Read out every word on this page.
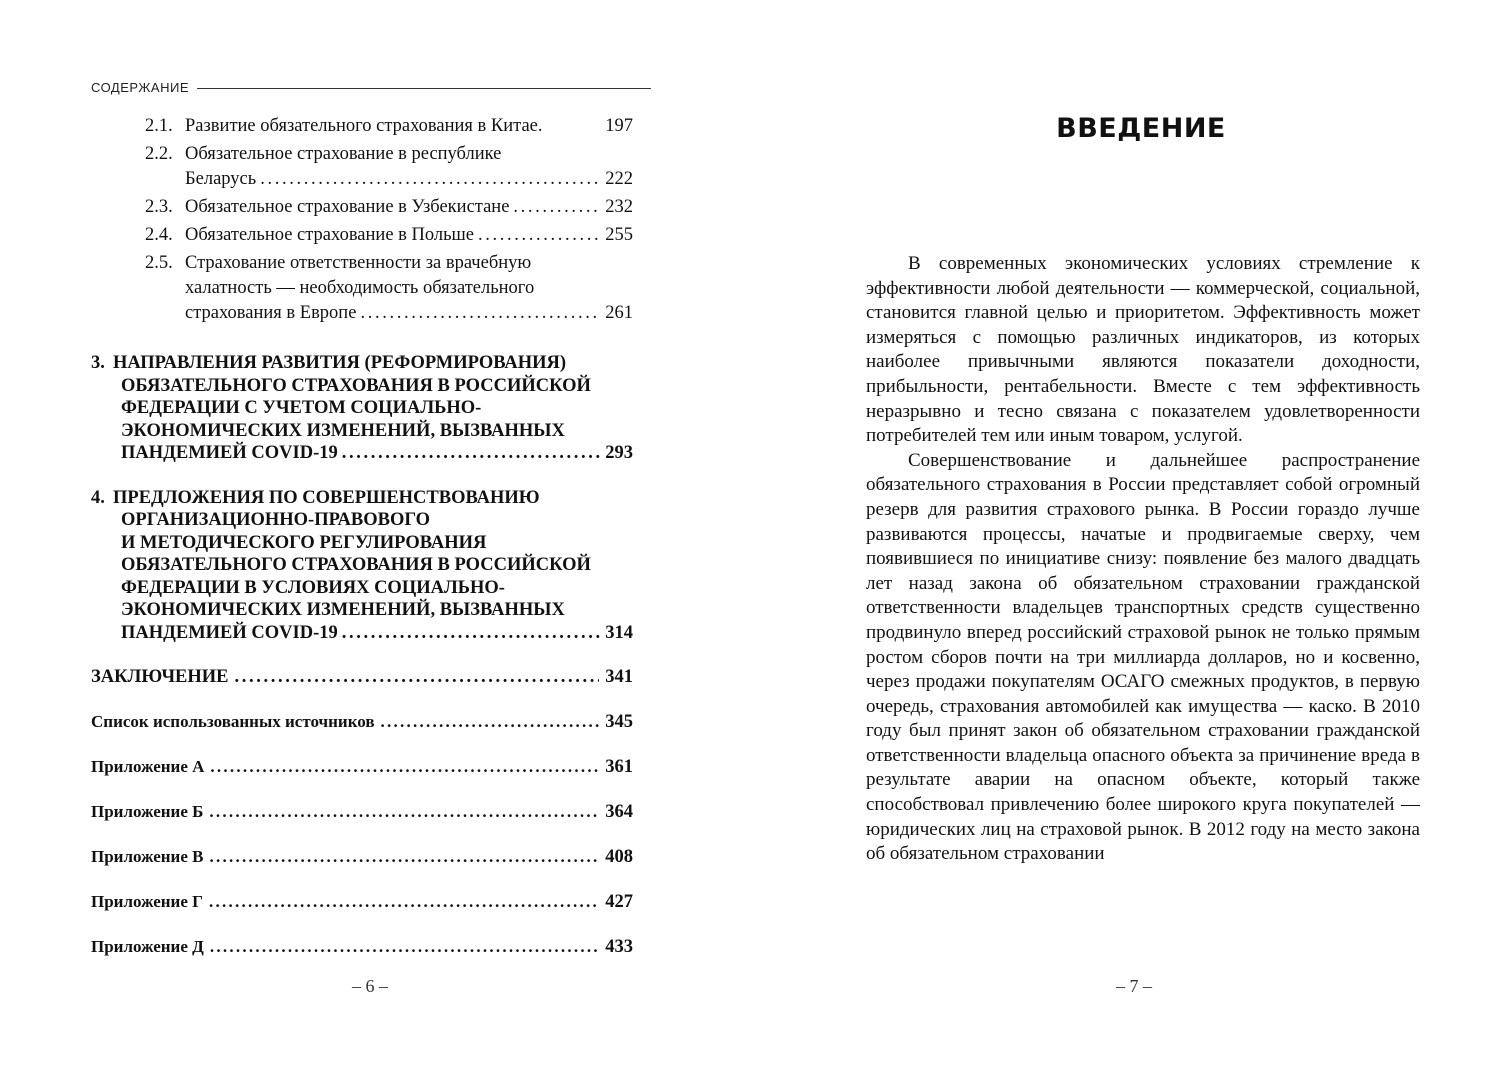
СОДЕРЖАНИЕ
2.1. Развитие обязательного страхования в Китае.	197
2.2. Обязательное страхование в республике
Беларусь . . .	222
2.3. Обязательное страхование в Узбекистане . . .	232
2.4. Обязательное страхование в Польше . . .	255
2.5. Страхование ответственности за врачебную
халатность — необходимость обязательного
страхования в Европе . . .	261
3. НАПРАВЛЕНИЯ РАЗВИТИЯ (РЕФОРМИРОВАНИЯ)
ОБЯЗАТЕЛЬНОГО СТРАХОВАНИЯ В РОССИЙСКОЙ
ФЕДЕРАЦИИ С УЧЕТОМ СОЦИАЛЬНО-
ЭКОНОМИЧЕСКИХ ИЗМЕНЕНИЙ, ВЫЗВАННЫХ
ПАНДЕМИЕЙ COVID-19 . . .	293
4. ПРЕДЛОЖЕНИЯ ПО СОВЕРШЕНСТВОВАНИЮ
ОРГАНИЗАЦИОННО-ПРАВОВОГО
И МЕТОДИЧЕСКОГО РЕГУЛИРОВАНИЯ
ОБЯЗАТЕЛЬНОГО СТРАХОВАНИЯ В РОССИЙСКОЙ
ФЕДЕРАЦИИ В УСЛОВИЯХ СОЦИАЛЬНО-
ЭКОНОМИЧЕСКИХ ИЗМЕНЕНИЙ, ВЫЗВАННЫХ
ПАНДЕМИЕЙ COVID-19 . . .	314
ЗАКЛЮЧЕНИЕ . . .	341
Список использованных источников . . .	345
Приложение А . . .	361
Приложение Б . . .	364
Приложение В . . .	408
Приложение Г . . .	427
Приложение Д . . .	433
– 6 –
ВВЕДЕНИЕ

В современных экономических условиях стремление к эффективности любой деятельности — коммерческой, социальной, становится главной целью и приоритетом. Эффективность может измеряться с помощью различных индикаторов, из которых наиболее привычными являются показатели доходности, прибыльности, рентабельности. Вместе с тем эффективность неразрывно и тесно связана с показателем удовлетворенности потребителей тем или иным товаром, услугой.

Совершенствование и дальнейшее распространение обязательного страхования в России представляет собой огромный резерв для развития страхового рынка. В России гораздо лучше развиваются процессы, начатые и продвигаемые сверху, чем появившиеся по инициативе снизу: появление без малого двадцать лет назад закона об обязательном страховании гражданской ответственности владельцев транспортных средств существенно продвинуло вперед российский страховой рынок не только прямым ростом сборов почти на три миллиарда долларов, но и косвенно, через продажи покупателям ОСАГО смежных продуктов, в первую очередь, страхования автомобилей как имущества — каско. В 2010 году был принят закон об обязательном страховании гражданской ответственности владельца опасного объекта за причинение вреда в результате аварии на опасном объекте, который также способствовал привлечению более широкого круга покупателей — юридических лиц на страховой рынок. В 2012 году на место закона об обязательном страховании

– 7 –
